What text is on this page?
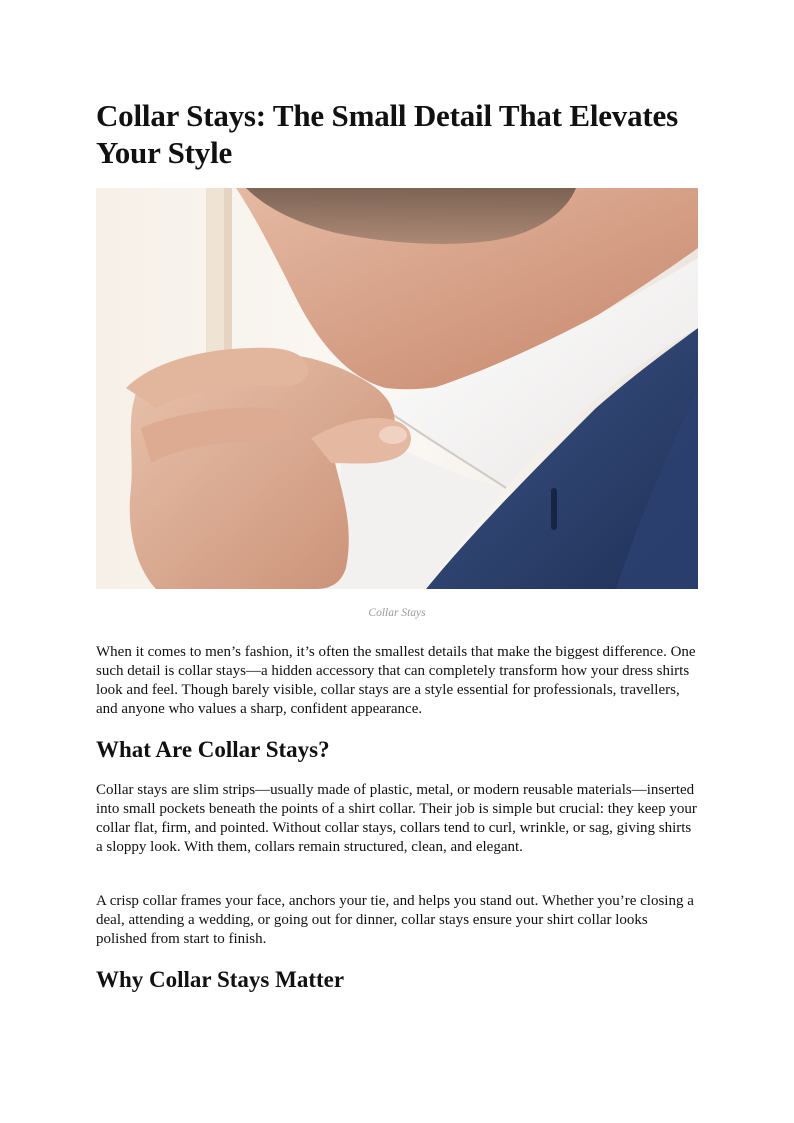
Collar Stays: The Small Detail That Elevates Your Style
Collar Stays

When it comes to men’s fashion, it’s often the smallest details that make the biggest difference. One such detail is collar stays—a hidden accessory that can completely transform how your dress shirts look and feel. Though barely visible, collar stays are a style essential for professionals, travellers, and anyone who values a sharp, confident appearance.

What Are Collar Stays?

Collar stays are slim strips—usually made of plastic, metal, or modern reusable materials—inserted into small pockets beneath the points of a shirt collar. Their job is simple but crucial: they keep your collar flat, firm, and pointed. Without collar stays, collars tend to curl, wrinkle, or sag, giving shirts a sloppy look. With them, collars remain structured, clean, and elegant.

A crisp collar frames your face, anchors your tie, and helps you stand out. Whether you’re closing a deal, attending a wedding, or going out for dinner, collar stays ensure your shirt collar looks polished from start to finish.

Why Collar Stays Matter
